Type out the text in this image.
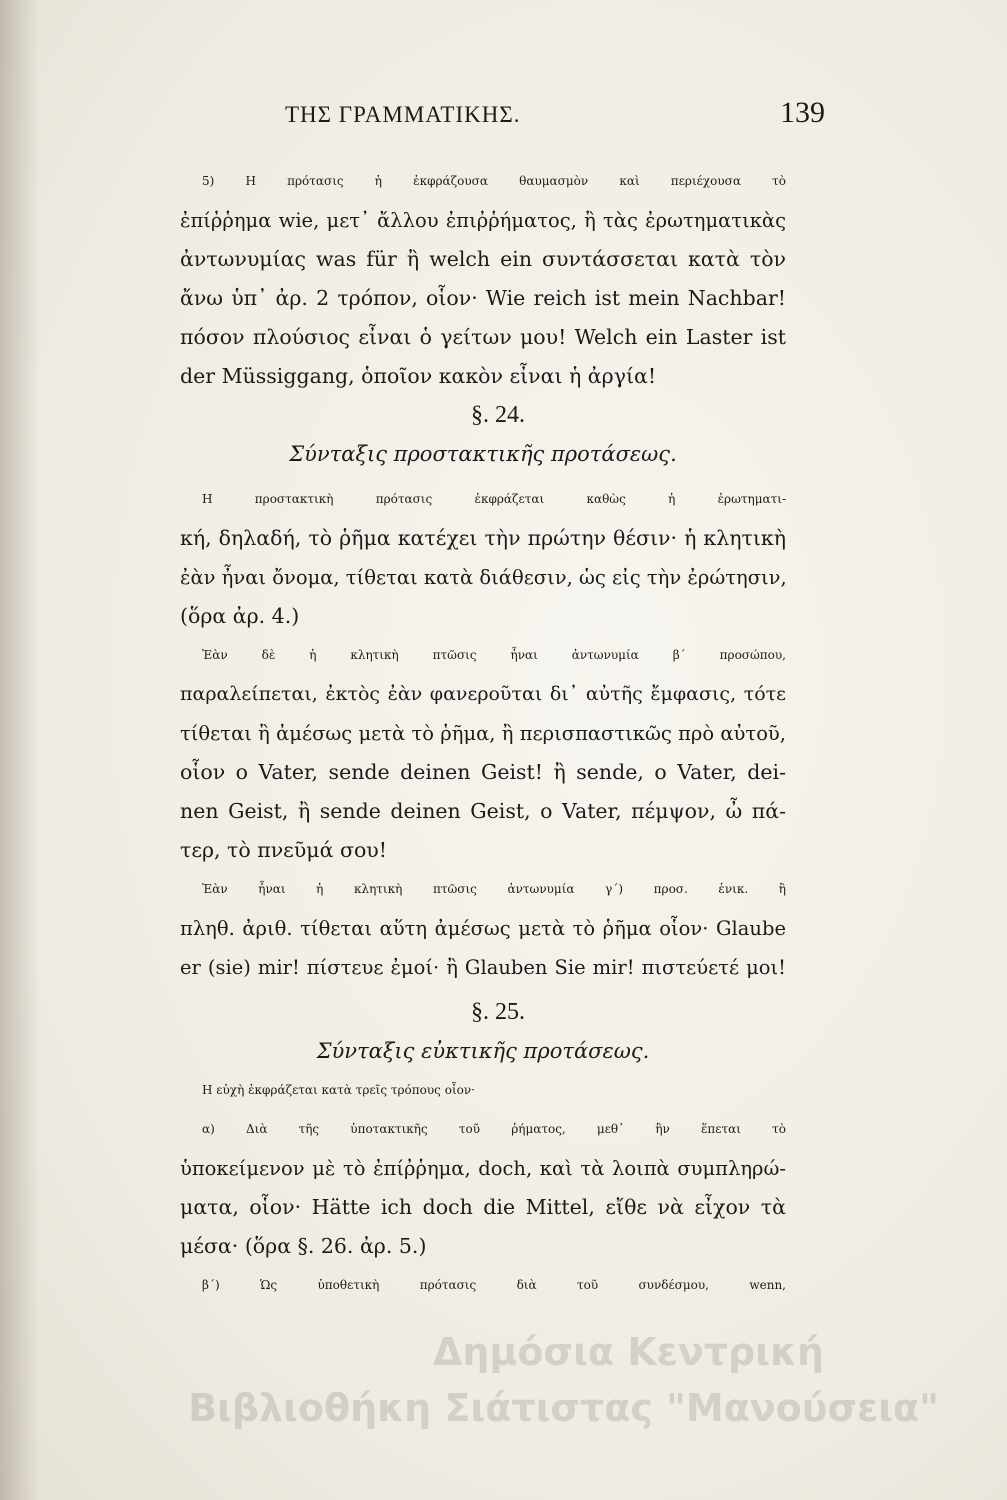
ΤΗΣ ΓΡΑΜΜΑΤΙΚΗΣ.	139
5) Η πρότασις ἡ ἐκφράζουσα θαυμασμὸν καὶ περιέχουσα τὸ
ἐπίῤῥημα wie, μετ᾽ ἄλλου ἐπιῤῥήματος, ἢ τὰς ἐρωτηματικὰς
ἀντωνυμίας was für ἢ welch ein συντάσσεται κατὰ τὸν
ἄνω ὑπ᾽ ἀρ. 2 τρόπον, οἷον· Wie reich ist mein Nachbar!
πόσον πλούσιος εἶναι ὁ γείτων μου! Welch ein Laster ist
der Müssiggang, ὁποῖον κακὸν εἶναι ἡ ἀργία!
§. 24.
Σύνταξις προστακτικῆς προτάσεως.
Η προστακτικὴ πρότασις ἐκφράζεται καθὼς ἡ ἐρωτηματι-
κή, δηλαδή, τὸ ῥῆμα κατέχει τὴν πρώτην θέσιν· ἡ κλητικὴ
ἐὰν ἦναι ὄνομα, τίθεται κατὰ διάθεσιν, ὡς εἰς τὴν ἐρώτησιν,
(ὅρα ἀρ. 4.)
Ἐὰν δὲ ἡ κλητικὴ πτῶσις ἦναι ἀντωνυμία β΄ προσώπου,
παραλείπεται, ἐκτὸς ἐὰν φανεροῦται δι᾽ αὐτῆς ἔμφασις, τότε
τίθεται ἢ ἀμέσως μετὰ τὸ ῥῆμα, ἢ περισπαστικῶς πρὸ αὐτοῦ,
οἷον o Vater, sende deinen Geist! ἢ sende, o Vater, dei-
nen Geist, ἢ sende deinen Geist, o Vater, πέμψον, ὦ πά-
τερ, τὸ πνεῦμά σου!
Ἐὰν ἦναι ἡ κλητικὴ πτῶσις ἀντωνυμία γ΄) προσ. ἑνικ. ἢ
πληθ. ἀριθ. τίθεται αὕτη ἀμέσως μετὰ τὸ ῥῆμα οἷον· Glaube
er (sie) mir! πίστευε ἐμοί· ἢ Glauben Sie mir! πιστεύετέ μοι!
§. 25.
Σύνταξις εὐκτικῆς προτάσεως.
Η εὐχὴ ἐκφράζεται κατὰ τρεῖς τρόπους οἷον·
α) Διὰ τῆς ὑποτακτικῆς τοῦ ῥήματος, μεθ᾽ ἣν ἕπεται τὸ
ὑποκείμενον μὲ τὸ ἐπίῤῥημα, doch, καὶ τὰ λοιπὰ συμπληρώ-
ματα, οἷον· Hätte ich doch die Mittel, εἴθε νὰ εἶχον τὰ
μέσα· (ὅρα §. 26. ἀρ. 5.)
β΄) Ὡς ὑποθετικὴ πρότασις διὰ τοῦ συνδέσμου, wenn,
Δημόσια Κεντρική
Βιβλιοθήκη Σιάτιστας "Μανούσεια"
